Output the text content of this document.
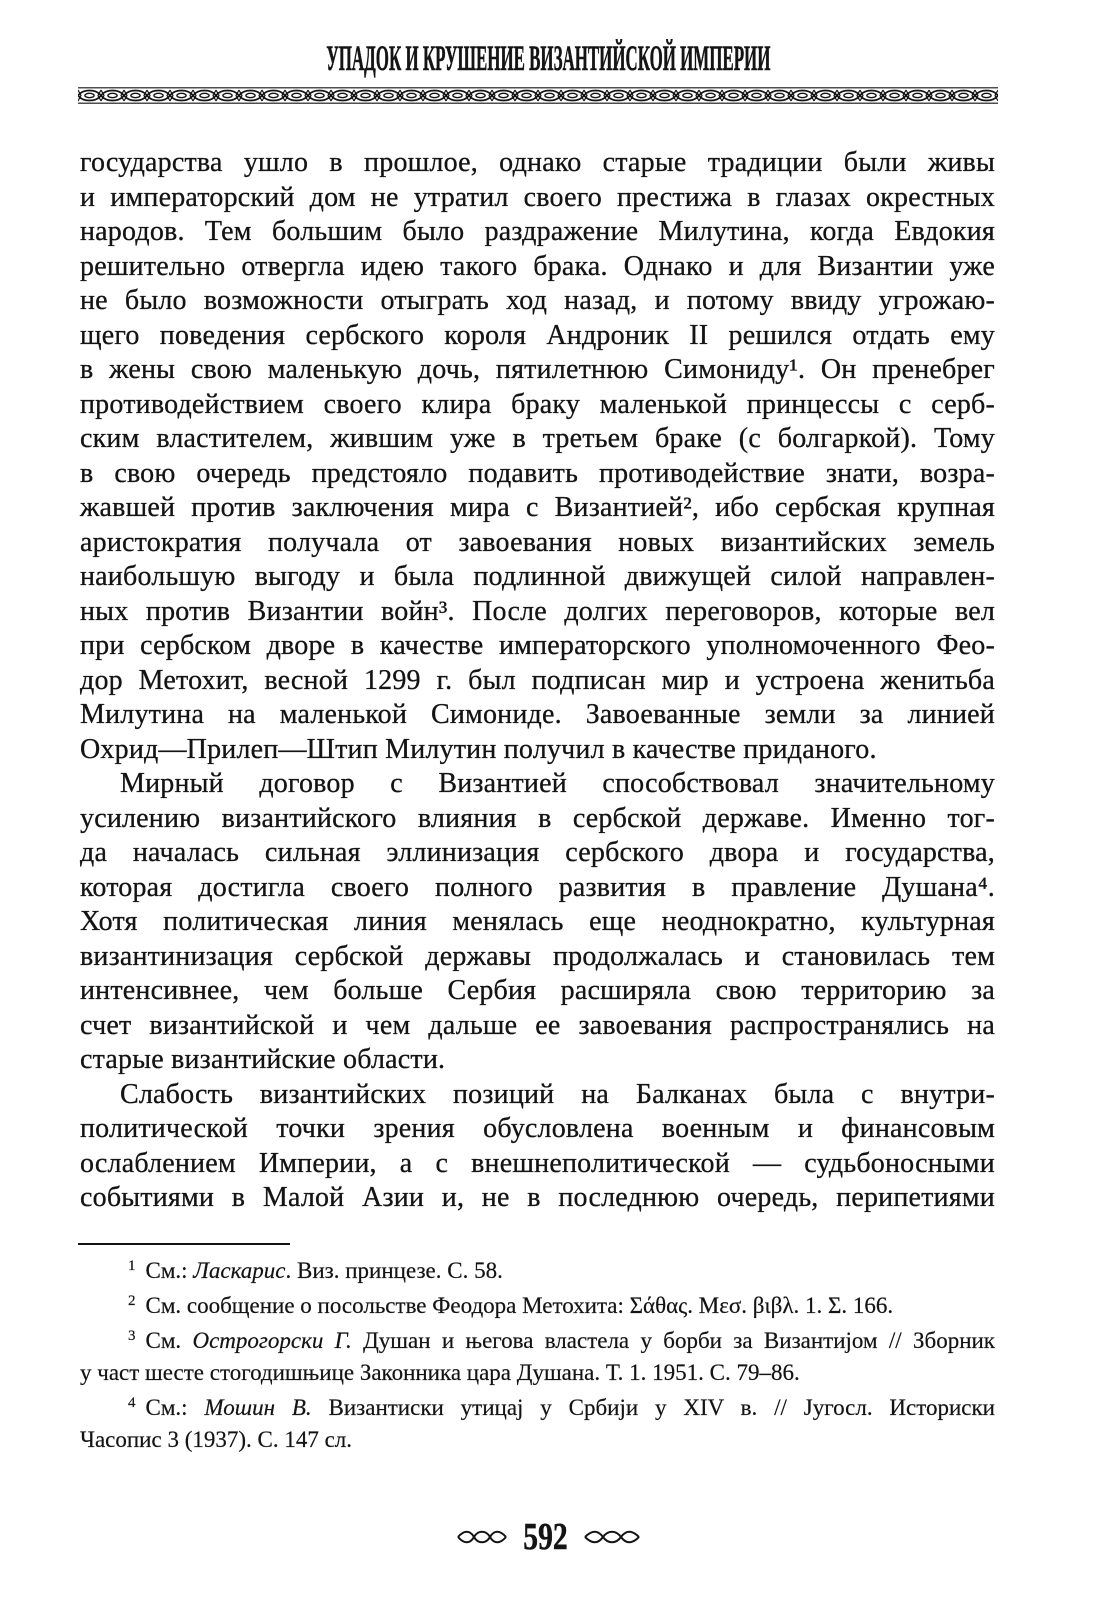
УПАДОК И КРУШЕНИЕ ВИЗАНТИЙСКОЙ ИМПЕРИИ
государства ушло в прошлое, однако старые традиции были живы
и императорский дом не утратил своего престижа в глазах окрестных
народов. Тем большим было раздражение Милутина, когда Евдокия
решительно отвергла идею такого брака. Однако и для Византии уже
не было возможности отыграть ход назад, и потому ввиду угрожаю-
щего поведения сербского короля Андроник II решился отдать ему
в жены свою маленькую дочь, пятилетнюю Симониду¹. Он пренебрег
противодействием своего клира браку маленькой принцессы с серб-
ским властителем, жившим уже в третьем браке (с болгаркой). Тому
в свою очередь предстояло подавить противодействие знати, возра-
жавшей против заключения мира с Византией², ибо сербская крупная
аристократия получала от завоевания новых византийских земель
наибольшую выгоду и была подлинной движущей силой направлен-
ных против Византии войн³. После долгих переговоров, которые вел
при сербском дворе в качестве императорского уполномоченного Фео-
дор Метохит, весной 1299 г. был подписан мир и устроена женитьба
Милутина на маленькой Симониде. Завоеванные земли за линией
Охрид—Прилеп—Штип Милутин получил в качестве приданого.
Мирный договор с Византией способствовал значительному
усилению византийского влияния в сербской державе. Именно тог-
да началась сильная эллинизация сербского двора и государства,
которая достигла своего полного развития в правление Душана⁴.
Хотя политическая линия менялась еще неоднократно, культурная
византинизация сербской державы продолжалась и становилась тем
интенсивнее, чем больше Сербия расширяла свою территорию за
счет византийской и чем дальше ее завоевания распространялись на
старые византийские области.
Слабость византийских позиций на Балканах была с внутри-
политической точки зрения обусловлена военным и финансовым
ослаблением Империи, а с внешнеполитической — судьбоносными
событиями в Малой Азии и, не в последнюю очередь, перипетиями
$^1$ См.: Ласкарис. Виз. принцезе. С. 58.
$^2$ См. сообщение о посольстве Феодора Метохита: Σάθας. Μεσ. βιβλ. 1. Σ. 166.
$^3$ См. Острогорски Г. Душан и његова властела у борби за Византијом // Зборник
у част шесте стогодишњице Законника цара Душана. Т. 1. 1951. С. 79–86.
$^4$ См.: Мошин В. Византиски утицај у Србији у XIV в. // Југосл. Историски
Часопис 3 (1937). С. 147 сл.
592
